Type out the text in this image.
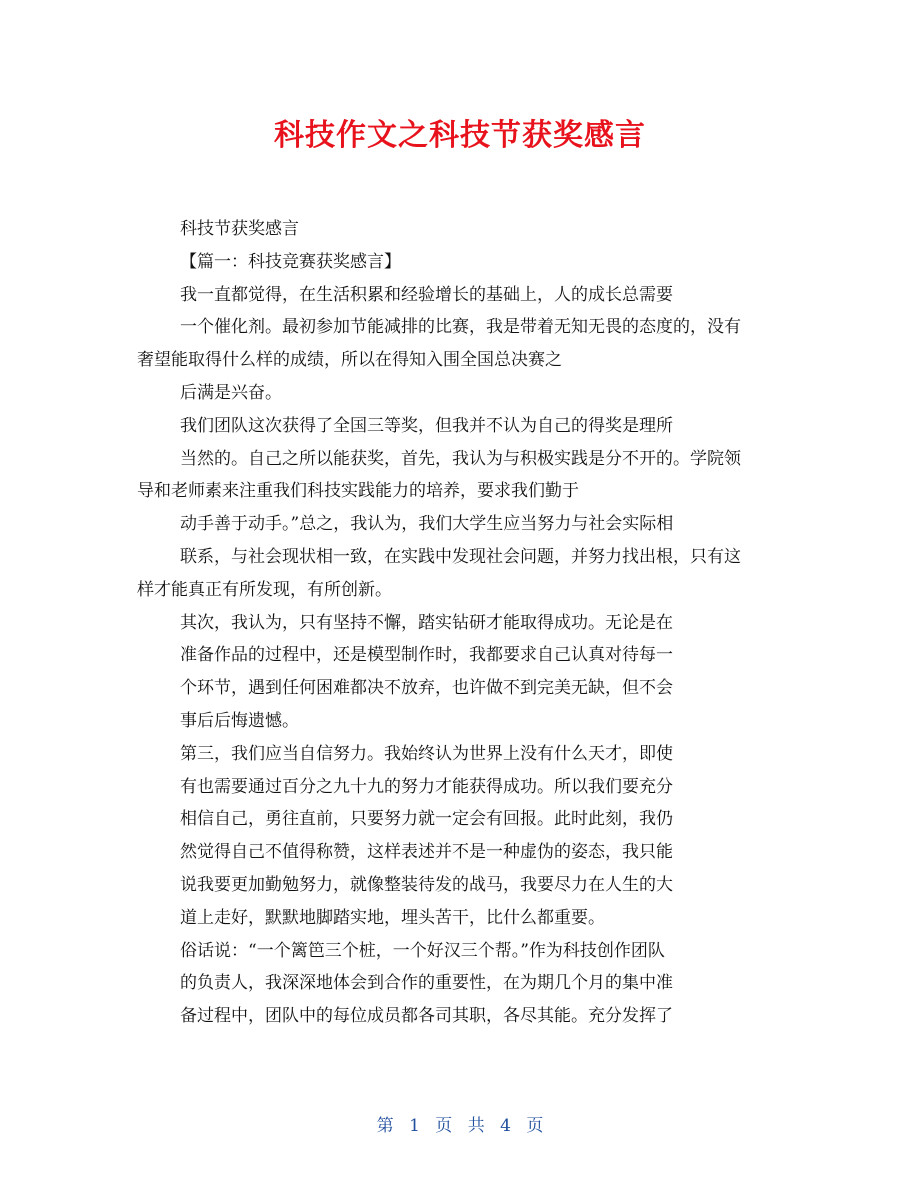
科技作文之科技节获奖感言
科技节获奖感言
【篇一：科技竞赛获奖感言】
我一直都觉得，在生活积累和经验增长的基础上，人的成长总需要
一个催化剂。最初参加节能减排的比赛，我是带着无知无畏的态度的，没有
奢望能取得什么样的成绩，所以在得知入围全国总决赛之
后满是兴奋。
我们团队这次获得了全国三等奖，但我并不认为自己的得奖是理所
当然的。自己之所以能获奖，首先，我认为与积极实践是分不开的。学院领
导和老师素来注重我们科技实践能力的培养，要求我们勤于
动手善于动手。”总之，我认为，我们大学生应当努力与社会实际相
联系，与社会现状相一致，在实践中发现社会问题，并努力找出根，只有这
样才能真正有所发现，有所创新。
其次，我认为，只有坚持不懈，踏实钻研才能取得成功。无论是在
准备作品的过程中，还是模型制作时，我都要求自己认真对待每一
个环节，遇到任何困难都决不放弃，也许做不到完美无缺，但不会
事后后悔遗憾。
第三，我们应当自信努力。我始终认为世界上没有什么天才，即使
有也需要通过百分之九十九的努力才能获得成功。所以我们要充分
相信自己，勇往直前，只要努力就一定会有回报。此时此刻，我仍
然觉得自己不值得称赞，这样表述并不是一种虚伪的姿态，我只能
说我要更加勤勉努力，就像整装待发的战马，我要尽力在人生的大
道上走好，默默地脚踏实地，埋头苦干，比什么都重要。
俗话说：“一个篱笆三个桩，一个好汉三个帮。”作为科技创作团队
的负责人，我深深地体会到合作的重要性，在为期几个月的集中准
备过程中，团队中的每位成员都各司其职，各尽其能。充分发挥了
第 1 页 共 4 页
